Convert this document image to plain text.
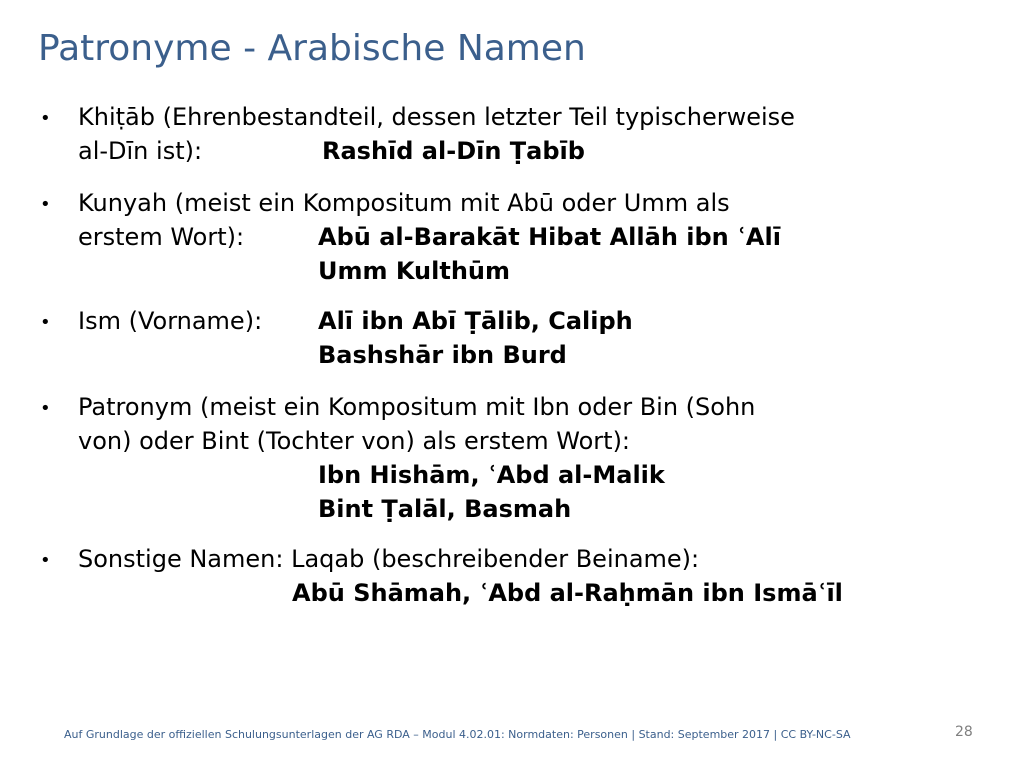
Patronyme - Arabische Namen
• Khiṭāb (Ehrenbestandteil, dessen letzter Teil typischerweise
al-Dīn ist):	Rashīd al-Dīn Ṭabīb
• Kunyah (meist ein Kompositum mit Abū oder Umm als
erstem Wort):	Abū al-Barakāt Hibat Allāh ibn ʿAlī
Umm Kulthūm
• Ism (Vorname): Alī ibn Abī Ṭālib, Caliph
Bashshār ibn Burd
• Patronym (meist ein Kompositum mit Ibn oder Bin (Sohn
von) oder Bint (Tochter von) als erstem Wort):
Ibn Hishām, ʿAbd al-Malik
Bint Ṭalāl, Basmah
• Sonstige Namen: Laqab (beschreibender Beiname):
Abū Shāmah, ʿAbd al-Raḥmān ibn Ismāʿīl
Auf Grundlage der offiziellen Schulungsunterlagen der AG RDA – Modul 4.02.01: Normdaten: Personen | Stand: September 2017 | CC BY-NC-SA	28
